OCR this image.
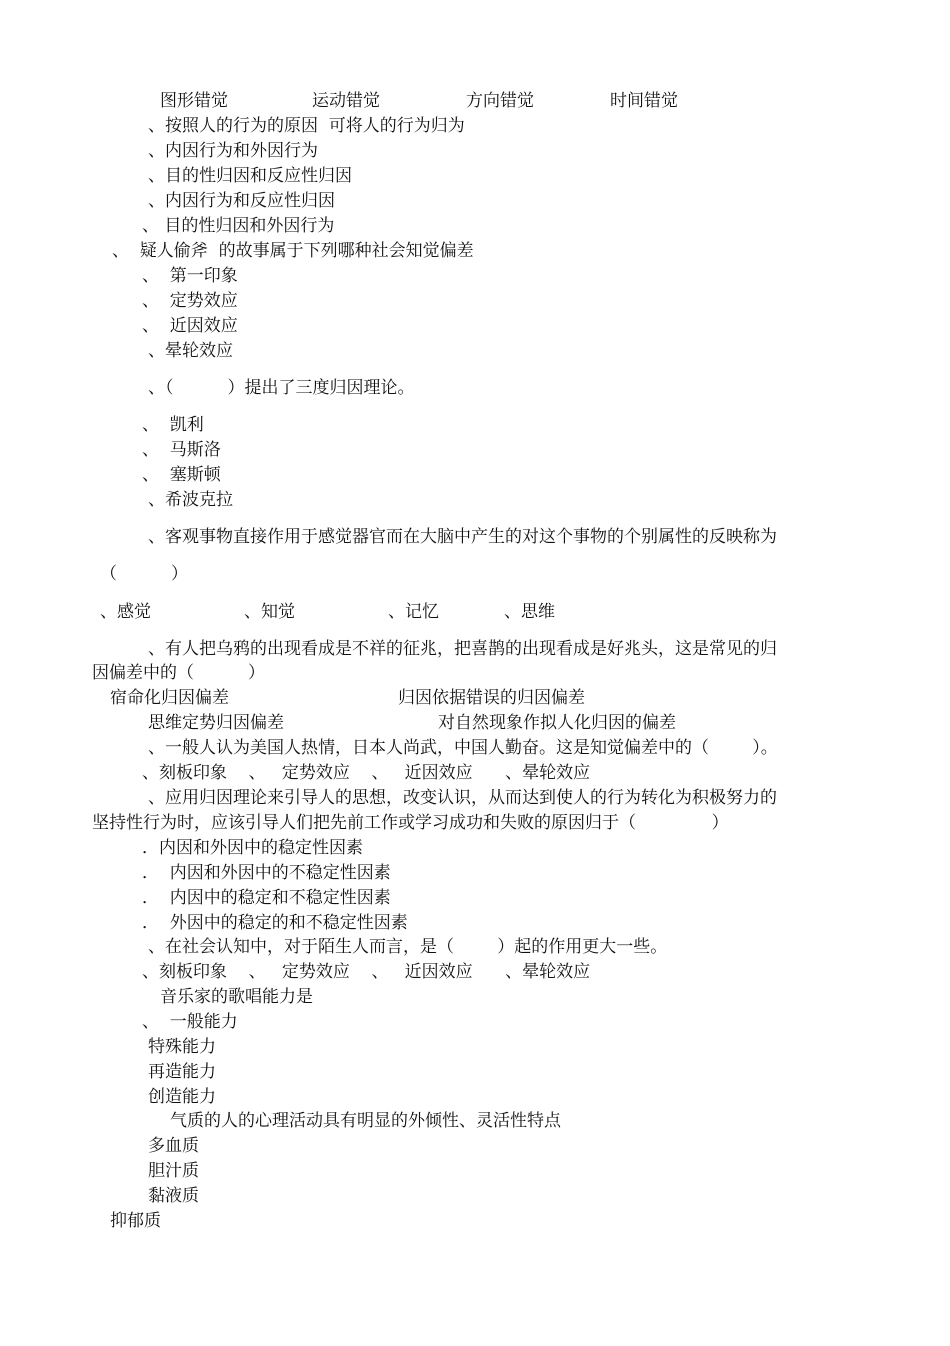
图形错觉	运动错觉	方向错觉	时间错觉
、按照人的行为的原因  可将人的行为归为
、内因行为和外因行为
、目的性归因和反应性归因
、内因行为和反应性归因
、 目的性归因和外因行为
、  疑人偷斧  的故事属于下列哪种社会知觉偏差
、  第一印象
、  定势效应
、  近因效应
、晕轮效应
、（          ）提出了三度归因理论。
、  凯利
、  马斯洛
、  塞斯顿
、希波克拉
、客观事物直接作用于感觉器官而在大脑中产生的对这个事物的个别属性的反映称为
（          ）
、感觉	、知觉	、记忆	、思维
、有人把乌鸦的出现看成是不祥的征兆，把喜鹊的出现看成是好兆头，这是常见的归
因偏差中的（          ）
宿命化归因偏差	归因依据错误的归因偏差
思维定势归因偏差	对自然现象作拟人化归因的偏差
、一般人认为美国人热情，日本人尚武，中国人勤奋。这是知觉偏差中的（        ）。
、刻板印象    、   定势效应    、   近因效应      、晕轮效应
、应用归因理论来引导人的思想，改变认识，从而达到使人的行为转化为积极努力的
坚持性行为时，应该引导人们把先前工作或学习成功和失败的原因归于（              ）
．内因和外因中的稳定性因素
．  内因和外因中的不稳定性因素
．  内因中的稳定和不稳定性因素
．  外因中的稳定的和不稳定性因素
、在社会认知中，对于陌生人而言，是（        ）起的作用更大一些。
、刻板印象    、   定势效应    、   近因效应      、晕轮效应
音乐家的歌唱能力是
、  一般能力
特殊能力
再造能力
创造能力
气质的人的心理活动具有明显的外倾性、灵活性特点
多血质
胆汁质
黏液质
抑郁质
